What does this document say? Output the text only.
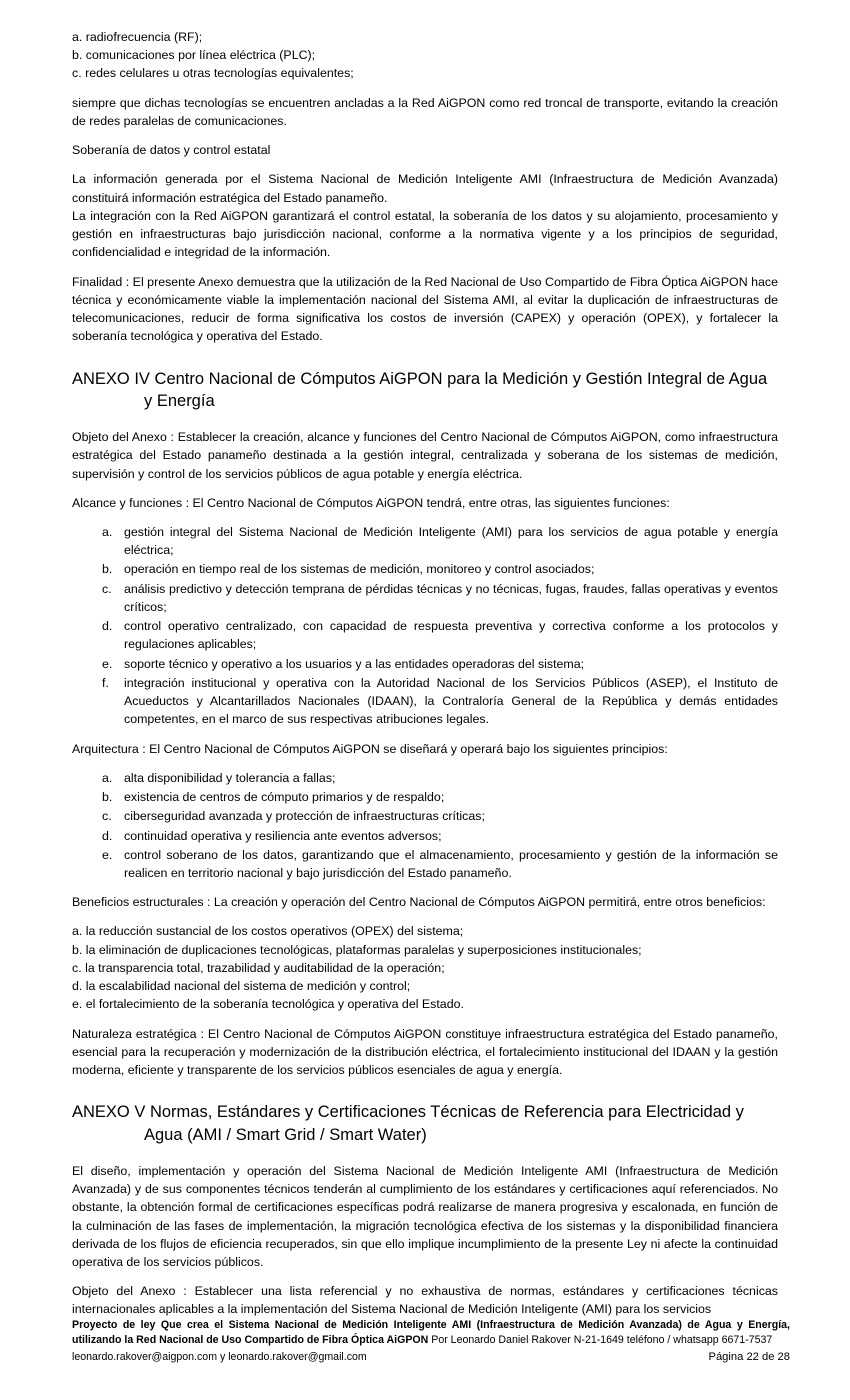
a. radiofrecuencia (RF);
b. comunicaciones por línea eléctrica (PLC);
c. redes celulares u otras tecnologías equivalentes;

siempre que dichas tecnologías se encuentren ancladas a la Red AiGPON como red troncal de transporte, evitando la creación de redes paralelas de comunicaciones.

Soberanía de datos y control estatal

La información generada por el Sistema Nacional de Medición Inteligente AMI (Infraestructura de Medición Avanzada) constituirá información estratégica del Estado panameño.

La integración con la Red AiGPON garantizará el control estatal, la soberanía de los datos y su alojamiento, procesamiento y gestión en infraestructuras bajo jurisdicción nacional, conforme a la normativa vigente y a los principios de seguridad, confidencialidad e integridad de la información.

Finalidad : El presente Anexo demuestra que la utilización de la Red Nacional de Uso Compartido de Fibra Óptica AiGPON hace técnica y económicamente viable la implementación nacional del Sistema AMI, al evitar la duplicación de infraestructuras de telecomunicaciones, reducir de forma significativa los costos de inversión (CAPEX) y operación (OPEX), y fortalecer la soberanía tecnológica y operativa del Estado.

ANEXO IV Centro Nacional de Cómputos AiGPON para la Medición y Gestión Integral de Agua
y Energía

Objeto del Anexo : Establecer la creación, alcance y funciones del Centro Nacional de Cómputos AiGPON, como infraestructura estratégica del Estado panameño destinada a la gestión integral, centralizada y soberana de los sistemas de medición, supervisión y control de los servicios públicos de agua potable y energía eléctrica.

Alcance y funciones : El Centro Nacional de Cómputos AiGPON tendrá, entre otras, las siguientes funciones:

a. gestión integral del Sistema Nacional de Medición Inteligente (AMI) para los servicios de agua potable y energía eléctrica;
b. operación en tiempo real de los sistemas de medición, monitoreo y control asociados;
c. análisis predictivo y detección temprana de pérdidas técnicas y no técnicas, fugas, fraudes, fallas operativas y eventos críticos;
d. control operativo centralizado, con capacidad de respuesta preventiva y correctiva conforme a los protocolos y regulaciones aplicables;
e. soporte técnico y operativo a los usuarios y a las entidades operadoras del sistema;
f.	integración institucional y operativa con la Autoridad Nacional de los Servicios Públicos (ASEP), el Instituto de Acueductos y Alcantarillados Nacionales (IDAAN), la Contraloría General de la República y demás entidades competentes, en el marco de sus respectivas atribuciones legales.

Arquitectura : El Centro Nacional de Cómputos AiGPON se diseñará y operará bajo los siguientes principios:

a. alta disponibilidad y tolerancia a fallas;
b. existencia de centros de cómputo primarios y de respaldo;
c. ciberseguridad avanzada y protección de infraestructuras críticas;
d. continuidad operativa y resiliencia ante eventos adversos;
e. control soberano de los datos, garantizando que el almacenamiento, procesamiento y gestión de la información se realicen en territorio nacional y bajo jurisdicción del Estado panameño.

Beneficios estructurales : La creación y operación del Centro Nacional de Cómputos AiGPON permitirá, entre otros beneficios:

a. la reducción sustancial de los costos operativos (OPEX) del sistema;
b. la eliminación de duplicaciones tecnológicas, plataformas paralelas y superposiciones institucionales;
c. la transparencia total, trazabilidad y auditabilidad de la operación;
d. la escalabilidad nacional del sistema de medición y control;
e. el fortalecimiento de la soberanía tecnológica y operativa del Estado.

Naturaleza estratégica : El Centro Nacional de Cómputos AiGPON constituye infraestructura estratégica del Estado panameño, esencial para la recuperación y modernización de la distribución eléctrica, el fortalecimiento institucional del IDAAN y la gestión moderna, eficiente y transparente de los servicios públicos esenciales de agua y energía.

ANEXO V Normas, Estándares y Certificaciones Técnicas de Referencia para Electricidad y
Agua (AMI / Smart Grid / Smart Water)

El diseño, implementación y operación del Sistema Nacional de Medición Inteligente AMI (Infraestructura de Medición Avanzada) y de sus componentes técnicos tenderán al cumplimiento de los estándares y certificaciones aquí referenciados. No obstante, la obtención formal de certificaciones específicas podrá realizarse de manera progresiva y escalonada, en función de la culminación de las fases de implementación, la migración tecnológica efectiva de los sistemas y la disponibilidad financiera derivada de los flujos de eficiencia recuperados, sin que ello implique incumplimiento de la presente Ley ni afecte la continuidad operativa de los servicios públicos.

Objeto del Anexo : Establecer una lista referencial y no exhaustiva de normas, estándares y certificaciones técnicas internacionales aplicables a la implementación del Sistema Nacional de Medición Inteligente (AMI) para los servicios

Proyecto de ley Que crea el Sistema Nacional de Medición Inteligente AMI (Infraestructura de Medición Avanzada) de Agua y Energía, utilizando la Red Nacional de Uso Compartido de Fibra Óptica AiGPON Por Leonardo Daniel Rakover N-21-1649 teléfono / whatsapp 6671-7537
leonardo.rakover@aigpon.com y leonardo.rakover@gmail.com	Página 22 de 28
